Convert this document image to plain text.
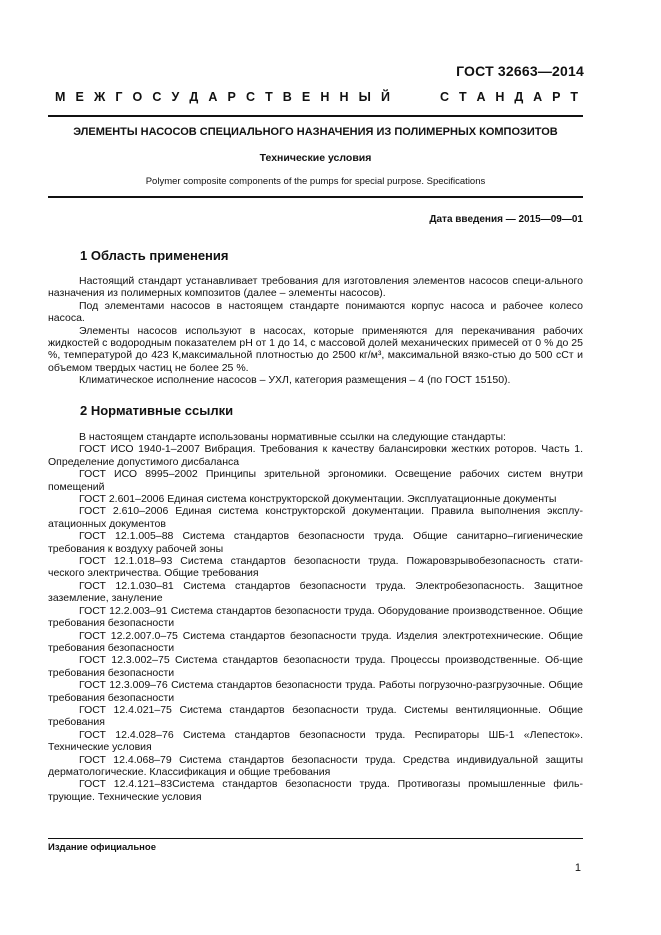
ГОСТ 32663—2014
М Е Ж Г О С У Д А Р С Т В Е Н Н Ы Й	С Т А Н Д А Р Т
ЭЛЕМЕНТЫ НАСОСОВ СПЕЦИАЛЬНОГО НАЗНАЧЕНИЯ ИЗ ПОЛИМЕРНЫХ КОМПОЗИТОВ
Технические условия
Polymer composite components of the pumps for special purpose. Specifications
Дата введения — 2015—09—01
1 Область применения

Настоящий стандарт устанавливает требования для изготовления элементов насосов специ-ального назначения из полимерных композитов (далее – элементы насосов).

Под элементами насосов в настоящем стандарте понимаются корпус насоса и рабочее колесо насоса.

Элементы насосов используют в насосах, которые применяются для перекачивания рабочих жидкостей с водородным показателем pH от 1 до 14, с массовой долей механических примесей от 0 % до 25 %, температурой до 423 К,максимальной плотностью до 2500 кг/м³, максимальной вязко-стью до 500 сСт и объемом твердых частиц не более 25 %.

Климатическое исполнение насосов – УХЛ, категория размещения – 4 (по ГОСТ 15150).

2 Нормативные ссылки

В настоящем стандарте использованы нормативные ссылки на следующие стандарты:

ГОСТ ИСО 1940-1–2007 Вибрация. Требования к качеству балансировки жестких роторов. Часть 1. Определение допустимого дисбаланса

ГОСТ ИСО 8995–2002 Принципы зрительной эргономики. Освещение рабочих систем внутри помещений

ГОСТ 2.601–2006 Единая система конструкторской документации. Эксплуатационные документы

ГОСТ 2.610–2006 Единая система конструкторской документации. Правила выполнения эксплу-атационных документов

ГОСТ 12.1.005–88 Система стандартов безопасности труда. Общие санитарно–гигиенические требования к воздуху рабочей зоны

ГОСТ 12.1.018–93 Система стандартов безопасности труда. Пожаровзрывобезопасность стати-ческого электричества. Общие требования

ГОСТ 12.1.030–81 Система стандартов безопасности труда. Электробезопасность. Защитное заземление, зануление

ГОСТ 12.2.003–91 Система стандартов безопасности труда. Оборудование производственное. Общие требования безопасности

ГОСТ 12.2.007.0–75 Система стандартов безопасности труда. Изделия электротехнические. Общие требования безопасности

ГОСТ 12.3.002–75 Система стандартов безопасности труда. Процессы производственные. Об-щие требования безопасности

ГОСТ 12.3.009–76 Система стандартов безопасности труда. Работы погрузочно-разгрузочные. Общие требования безопасности

ГОСТ 12.4.021–75 Система стандартов безопасности труда. Системы вентиляционные. Общие требования

ГОСТ 12.4.028–76 Система стандартов безопасности труда. Респираторы ШБ-1 «Лепесток». Технические условия

ГОСТ 12.4.068–79 Система стандартов безопасности труда. Средства индивидуальной защиты дерматологические. Классификация и общие требования

ГОСТ 12.4.121–83Система стандартов безопасности труда. Противогазы промышленные филь-трующие. Технические условия

Издание официальное
1
